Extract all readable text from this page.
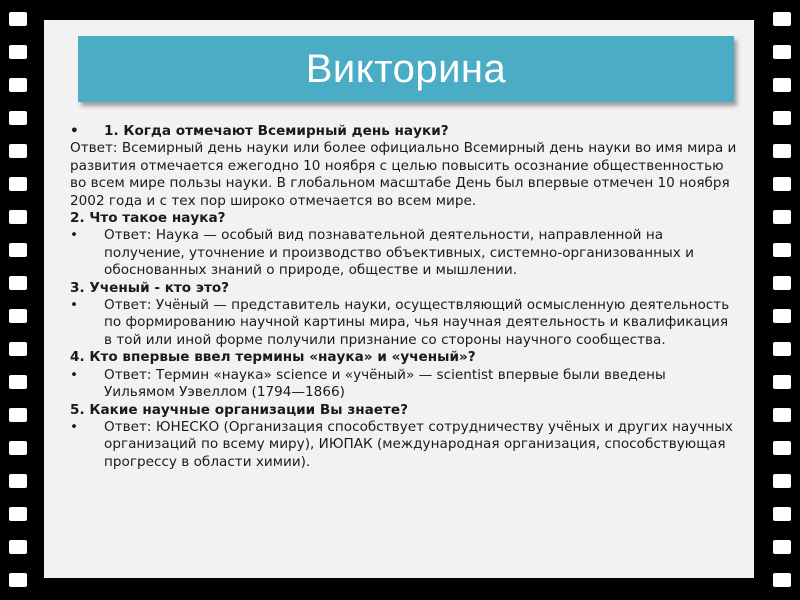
Викторина

• 1. Когда отмечают Всемирный день науки?

Ответ: Всемирный день науки или более официально Всемирный день науки во имя мира и развития отмечается ежегодно 10 ноября с целью повысить осознание общественностью во всем мире пользы науки. В глобальном масштабе День был впервые отмечен 10 ноября 2002 года и с тех пор широко отмечается во всем мире.

2. Что такое наука?

• Ответ: Наука — особый вид познавательной деятельности, направленной на получение, уточнение и производство объективных, системно-организованных и обоснованных знаний о природе, обществе и мышлении.

3. Ученый - кто это?

• Ответ: Учёный — представитель науки, осуществляющий осмысленную деятельность по формированию научной картины мира, чья научная деятельность и квалификация в той или иной форме получили признание со стороны научного сообщества.

4. Кто впервые ввел термины «наука» и «ученый»?

• Ответ: Термин «наука» science и «учёный» — scientist впервые были введены Уильямом Уэвеллом (1794—1866)

5. Какие научные организации Вы знаете?

• Ответ: ЮНЕСКО (Организация способствует сотрудничеству учёных и других научных организаций по всему миру), ИЮПАК (международная организация, способствующая прогрессу в области химии).
